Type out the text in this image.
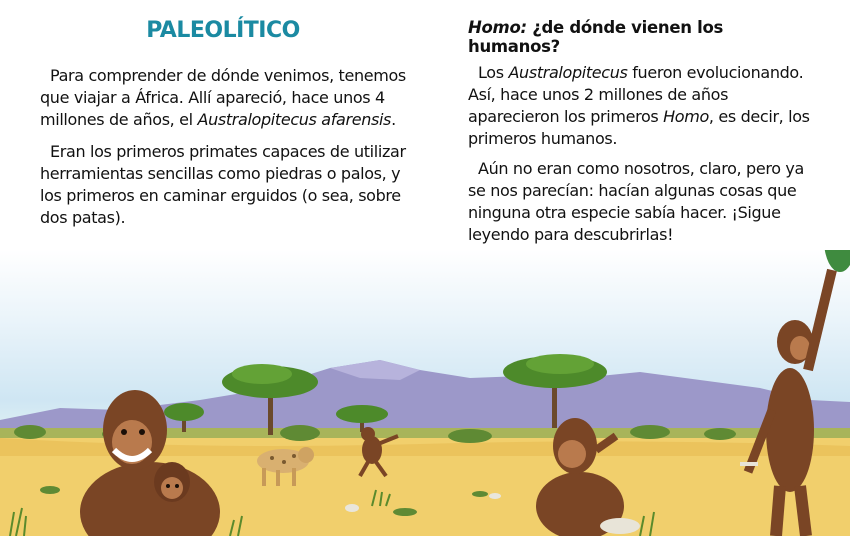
PALEOLÍTICO

Para comprender de dónde venimos, tenemos que viajar a África. Allí apareció, hace unos 4 millones de años, el Australopitecus afarensis.

Eran los primeros primates capaces de utilizar herramientas sencillas como piedras o palos, y los primeros en caminar erguidos (o sea, sobre dos patas).

Homo: ¿de dónde vienen los humanos?

Los Australopitecus fueron evolucionando. Así, hace unos 2 millones de años aparecieron los primeros Homo, es decir, los primeros humanos.

Aún no eran como nosotros, claro, pero ya se nos parecían: hacían algunas cosas que ninguna otra especie sabía hacer. ¡Sigue leyendo para descubrirlas!
